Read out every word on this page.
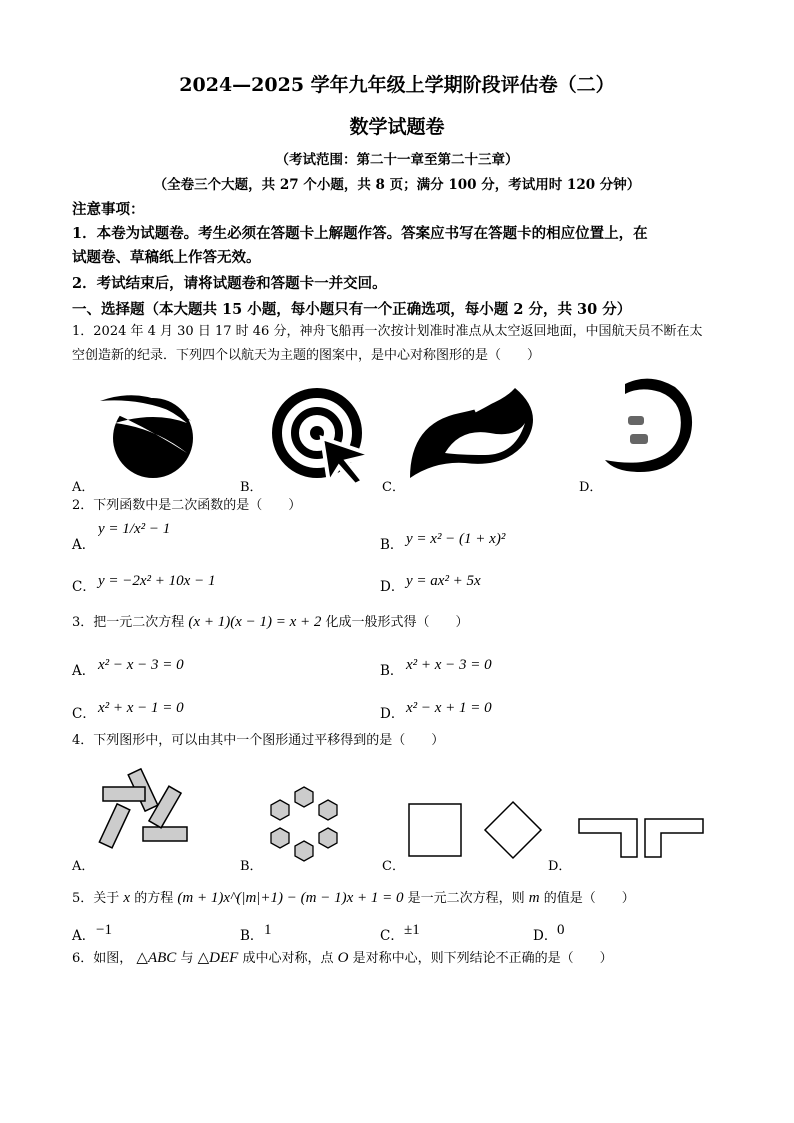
2024—2025 学年九年级上学期阶段评估卷（二）
数学试题卷
（考试范围：第二十一章至第二十三章）
（全卷三个大题，共 27 个小题，共 8 页；满分 100 分，考试用时 120 分钟）
注意事项：
1．本卷为试题卷。考生必须在答题卡上解题作答。答案应书写在答题卡的相应位置上，在
试题卷、草稿纸上作答无效。
2．考试结束后，请将试题卷和答题卡一并交回。
一、选择题（本大题共 15 小题，每小题只有一个正确选项，每小题 2 分，共 30 分）
1．2024 年 4 月 30 日 17 时 46 分，神舟飞船再一次按计划准时准点从太空返回地面，中国航天员不断在太
空创造新的纪录．下列四个以航天为主题的图案中，是中心对称图形的是（　　）
A．	B．	C．	D．
2．下列函数中是二次函数的是（　　）
A．
y = 1/x² − 1
B． y = x² − (1 + x)²
C． y = −2x² + 10x − 1	D． y = ax² + 5x
3．把一元二次方程 (x + 1)(x − 1) = x + 2 化成一般形式得（　　）
A． x² − x − 3 = 0	B． x² + x − 3 = 0
C． x² + x − 1 = 0	D． x² − x + 1 = 0
4．下列图形中，可以由其中一个图形通过平移得到的是（　　）
A．	B．	C．	D．
5．关于 x 的方程 (m + 1)x^(|m|+1) − (m − 1)x + 1 = 0 是一元二次方程，则 m 的值是（　　）
A． −1	B． 1	C． ±1	D． 0
6．如图， △ABC 与 △DEF 成中心对称，点 O 是对称中心，则下列结论不正确的是（　　）
